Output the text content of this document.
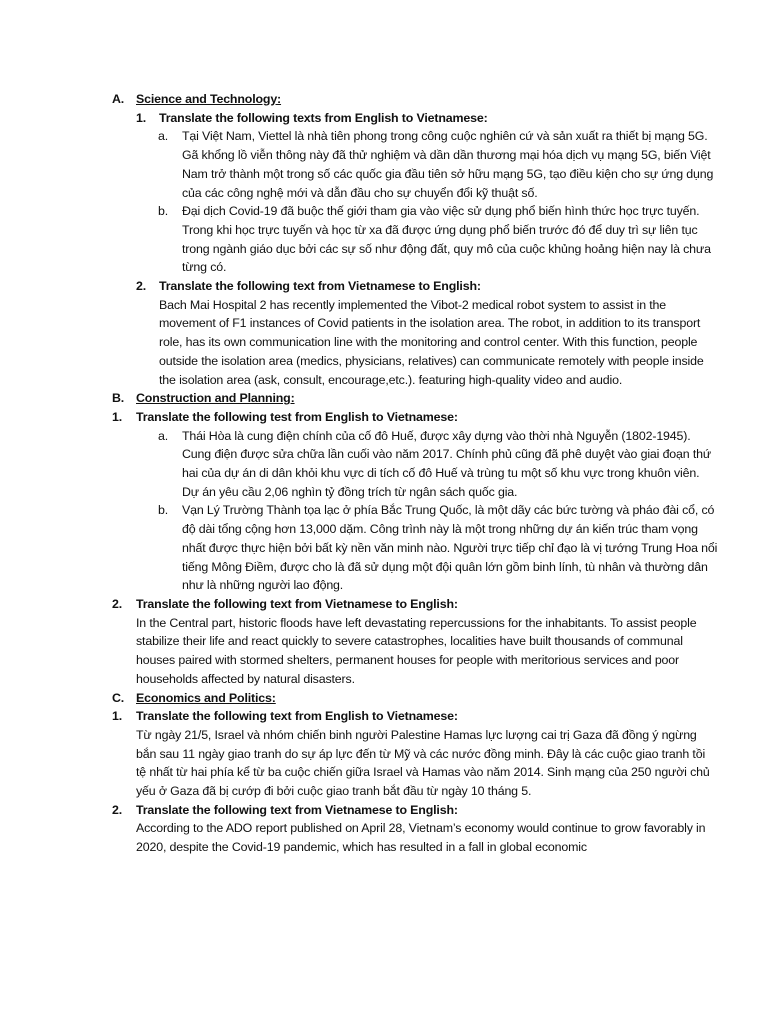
A. Science and Technology:
1. Translate the following texts from English to Vietnamese:
a. Tại Việt Nam, Viettel là nhà tiên phong trong công cuộc nghiên cứ và sản xuất ra thiết bị mạng 5G. Gã khổng lồ viễn thông này đã thử nghiệm và dần dần thương mại hóa dịch vụ mạng 5G, biến Việt Nam trở thành một trong số các quốc gia đầu tiên sở hữu mạng 5G, tạo điều kiện cho sự ứng dụng của các công nghệ mới và dẫn đầu cho sự chuyển đổi kỹ thuật số.
b. Đại dịch Covid-19 đã buộc thế giới tham gia vào việc sử dụng phổ biến hình thức học trực tuyến. Trong khi học trực tuyến và học từ xa đã được ứng dụng phổ biến trước đó để duy trì sự liên tục trong ngành giáo dục bởi các sự số như động đất, quy mô của cuộc khủng hoảng hiện nay là chưa từng có.
2. Translate the following text from Vietnamese to English:
Bach Mai Hospital 2 has recently implemented the Vibot-2 medical robot system to assist in the movement of F1 instances of Covid patients in the isolation area. The robot, in addition to its transport role, has its own communication line with the monitoring and control center. With this function, people outside the isolation area (medics, physicians, relatives) can communicate remotely with people inside the isolation area (ask, consult, encourage,etc.). featuring high-quality video and audio.
B. Construction and Planning:
1. Translate the following test from English to Vietnamese:
a. Thái Hòa là cung điện chính của cố đô Huế, được xây dựng vào thời nhà Nguyễn (1802-1945). Cung điện được sửa chữa lần cuối vào năm 2017. Chính phủ cũng đã phê duyệt vào giai đoạn thứ hai của dự án di dân khỏi khu vực di tích cố đô Huế và trùng tu một số khu vực trong khuôn viên. Dự án yêu cầu 2,06 nghìn tỷ đồng trích từ ngân sách quốc gia.
b. Vạn Lý Trường Thành tọa lạc ở phía Bắc Trung Quốc, là một dãy các bức tường và pháo đài cổ, có độ dài tổng cộng hơn 13,000 dặm. Công trình này là một trong những dự án kiến trúc tham vọng nhất được thực hiện bởi bất kỳ nền văn minh nào. Người trực tiếp chỉ đạo là vị tướng Trung Hoa nổi tiếng Mông Điềm, được cho là đã sử dụng một đội quân lớn gồm binh lính, tù nhân và thường dân như là những người lao động.
2. Translate the following text from Vietnamese to English:
In the Central part, historic floods have left devastating repercussions for the inhabitants. To assist people stabilize their life and react quickly to severe catastrophes, localities have built thousands of communal houses paired with stormed shelters, permanent houses for people with meritorious services and poor households affected by natural disasters.
C. Economics and Politics:
1. Translate the following text from English to Vietnamese:
Từ ngày 21/5, Israel và nhóm chiến binh người Palestine Hamas lực lượng cai trị Gaza đã đồng ý ngừng bắn sau 11 ngày giao tranh do sự áp lực đến từ Mỹ và các nước đồng minh. Đây là các cuộc giao tranh tồi tệ nhất từ hai phía kể từ ba cuộc chiến giữa Israel và Hamas vào năm 2014. Sinh mạng của 250 người chủ yếu ở Gaza đã bị cướp đi bởi cuộc giao tranh bắt đầu từ ngày 10 tháng 5.
2. Translate the following text from Vietnamese to English:
According to the ADO report published on April 28, Vietnam’s economy would continue to grow favorably in 2020, despite the Covid-19 pandemic, which has resulted in a fall in global economic
